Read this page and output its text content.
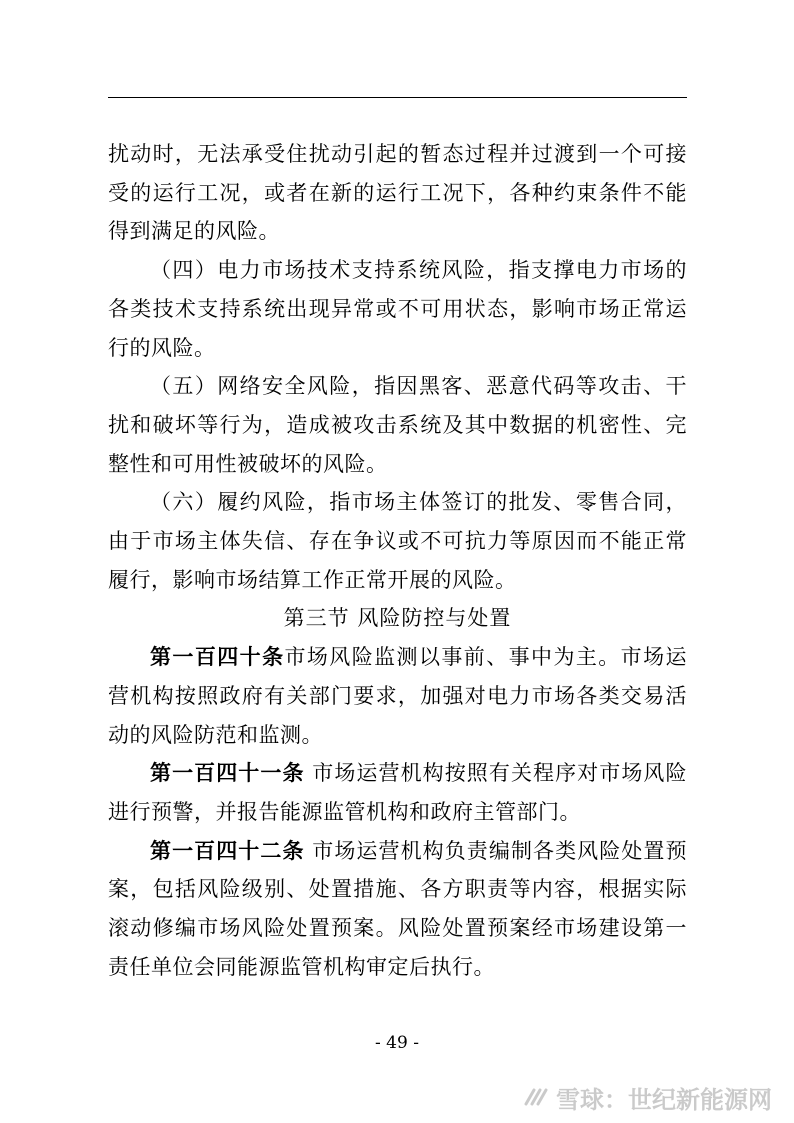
扰动时，无法承受住扰动引起的暂态过程并过渡到一个可接受的运行工况，或者在新的运行工况下，各种约束条件不能得到满足的风险。

（四）电力市场技术支持系统风险，指支撑电力市场的各类技术支持系统出现异常或不可用状态，影响市场正常运行的风险。

（五）网络安全风险，指因黑客、恶意代码等攻击、干扰和破坏等行为，造成被攻击系统及其中数据的机密性、完整性和可用性被破坏的风险。

（六）履约风险，指市场主体签订的批发、零售合同，由于市场主体失信、存在争议或不可抗力等原因而不能正常履行，影响市场结算工作正常开展的风险。

第三节 风险防控与处置

第一百四十条市场风险监测以事前、事中为主。市场运营机构按照政府有关部门要求，加强对电力市场各类交易活动的风险防范和监测。

第一百四十一条 市场运营机构按照有关程序对市场风险进行预警，并报告能源监管机构和政府主管部门。

第一百四十二条 市场运营机构负责编制各类风险处置预案，包括风险级别、处置措施、各方职责等内容，根据实际滚动修编市场风险处置预案。风险处置预案经市场建设第一责任单位会同能源监管机构审定后执行。

- 49 -
雪球：世纪新能源网
